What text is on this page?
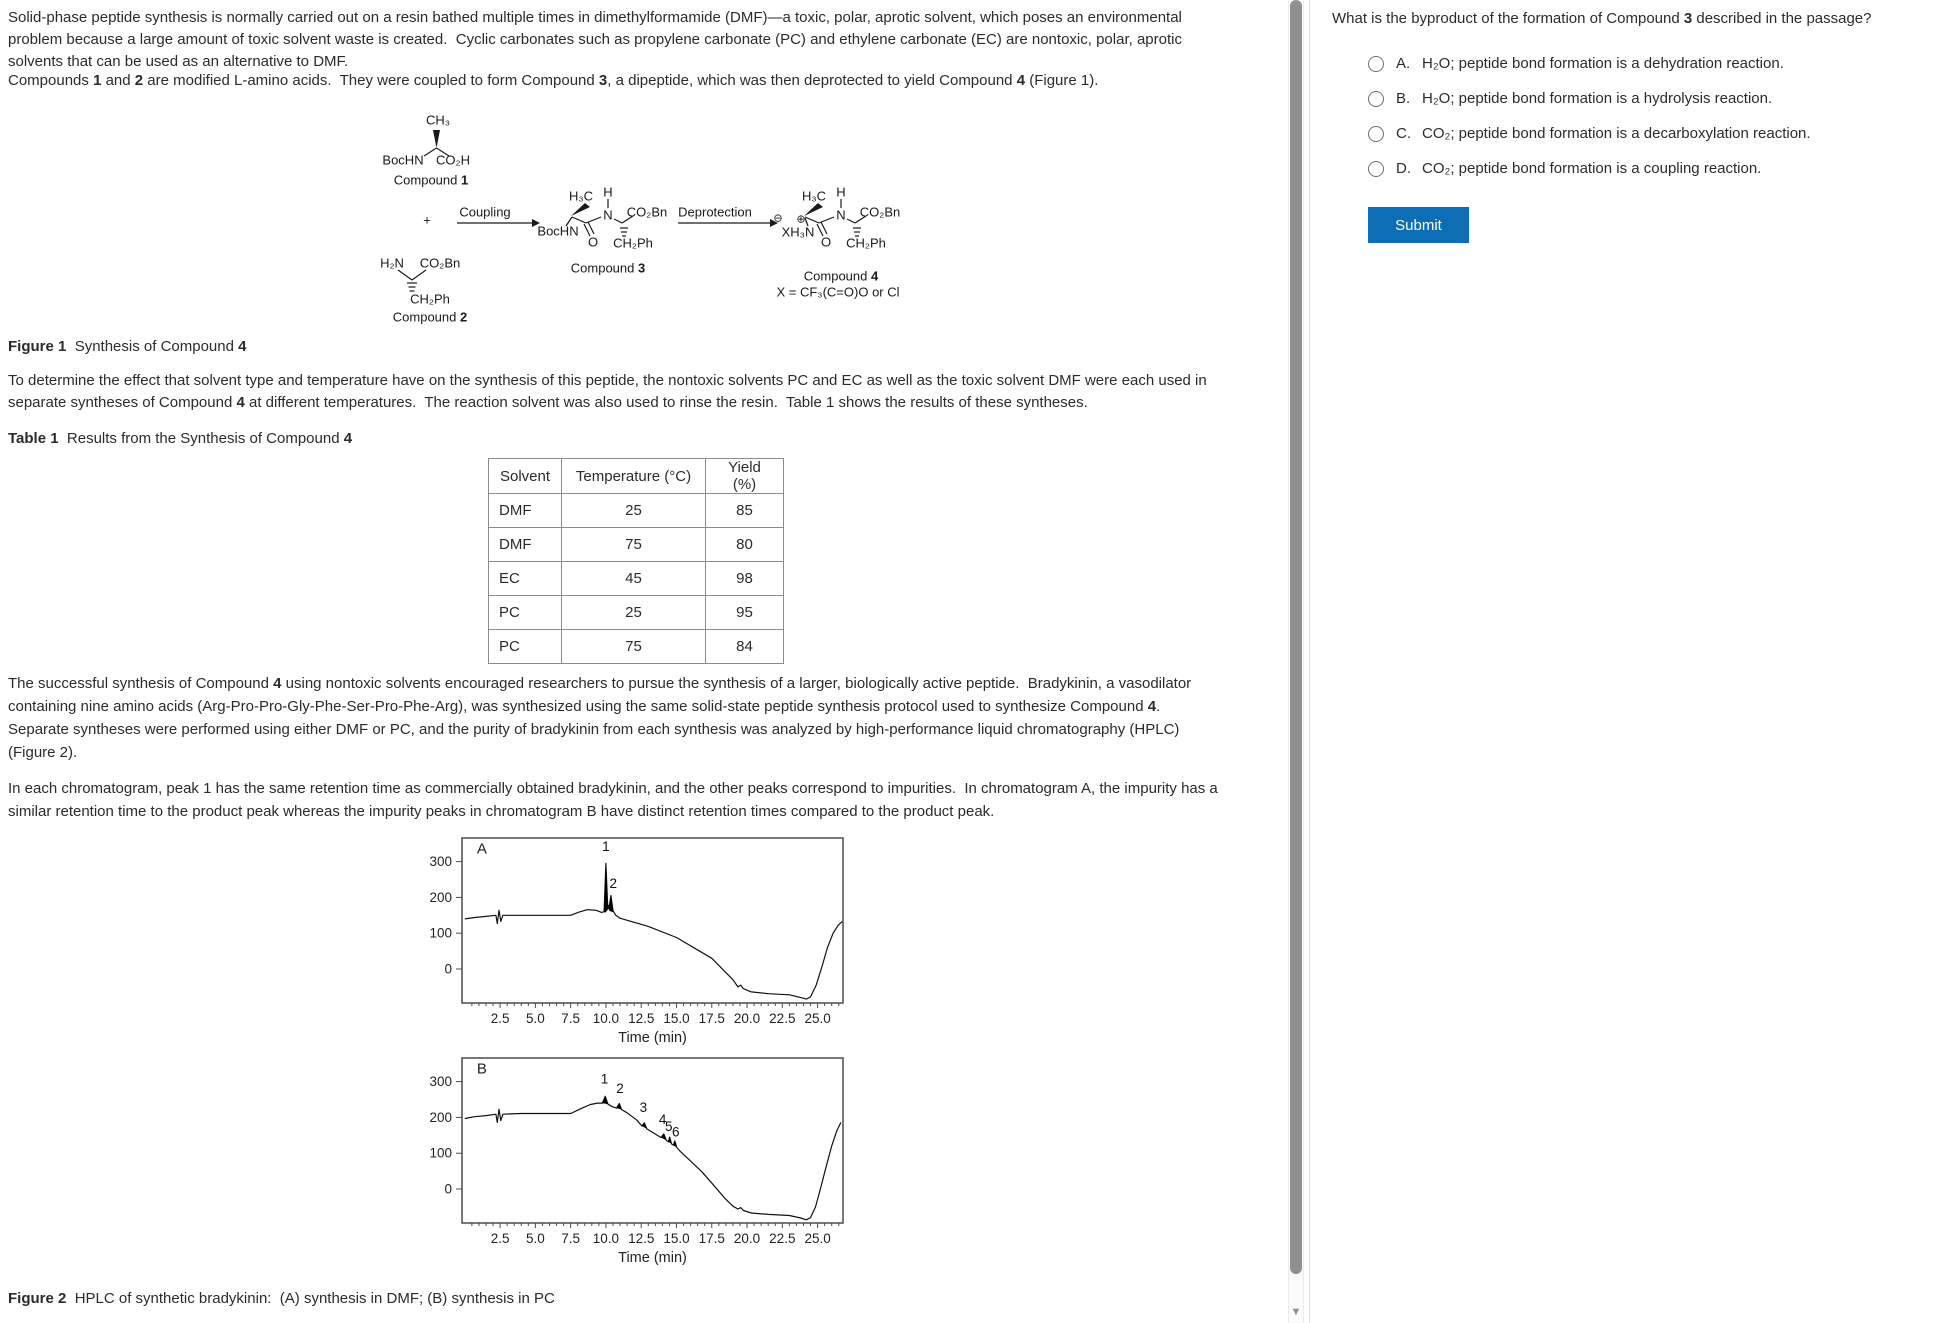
Solid-phase peptide synthesis is normally carried out on a resin bathed multiple times in dimethylformamide (DMF)—a toxic, polar, aprotic solvent, which poses an environmental problem because a large amount of toxic solvent waste is created.  Cyclic carbonates such as propylene carbonate (PC) and ethylene carbonate (EC) are nontoxic, polar, aprotic solvents that can be used as an alternative to DMF.
Compounds 1 and 2 are modified L-amino acids.  They were coupled to form Compound 3, a dipeptide, which was then deprotected to yield Compound 4 (Figure 1).
CH₃
BocHN CO₂H
Compound 1
+
Coupling
H₂N CO₂Bn
CH₂Ph
Compound 2
H₃C H
N CO₂Bn
BocHN
O CH₂Ph
Compound 3
Deprotection
H₃C H
N CO₂Bn
⊖ ⊕
XH₃N
O CH₂Ph
Compound 4
X = CF₃(C=O)O or Cl
Figure 1  Synthesis of Compound 4
To determine the effect that solvent type and temperature have on the synthesis of this peptide, the nontoxic solvents PC and EC as well as the toxic solvent DMF were each used in separate syntheses of Compound 4 at different temperatures.  The reaction solvent was also used to rinse the resin.  Table 1 shows the results of these syntheses.
Table 1  Results from the Synthesis of Compound 4
Solvent	Temperature (°C)	Yield (%)
DMF	25	85
DMF	75	80
EC	45	98
PC	25	95
PC	75	84
The successful synthesis of Compound 4 using nontoxic solvents encouraged researchers to pursue the synthesis of a larger, biologically active peptide.  Bradykinin, a vasodilator containing nine amino acids (Arg-Pro-Pro-Gly-Phe-Ser-Pro-Phe-Arg), was synthesized using the same solid-state peptide synthesis protocol used to synthesize Compound 4.  Separate syntheses were performed using either DMF or PC, and the purity of bradykinin from each synthesis was analyzed by high-performance liquid chromatography (HPLC) (Figure 2).
In each chromatogram, peak 1 has the same retention time as commercially obtained bradykinin, and the other peaks correspond to impurities.  In chromatogram A, the impurity has a similar retention time to the product peak whereas the impurity peaks in chromatogram B have distinct retention times compared to the product peak.
0
100
200
300
2.5 5.0 7.5 10.0 12.5 15.0 17.5 20.0 22.5 25.0
1
2
A
Time (min)
0
100
200
300
2.5 5.0 7.5 10.0 12.5 15.0 17.5 20.0 22.5 25.0
1
2
3
4
5 6
B
Time (min)
Figure 2  HPLC of synthetic bradykinin:  (A) synthesis in DMF; (B) synthesis in PC
▼
What is the byproduct of the formation of Compound 3 described in the passage?
A. H₂O; peptide bond formation is a dehydration reaction.
B. H₂O; peptide bond formation is a hydrolysis reaction.
C. CO₂; peptide bond formation is a decarboxylation reaction.
D. CO₂; peptide bond formation is a coupling reaction.
Submit
